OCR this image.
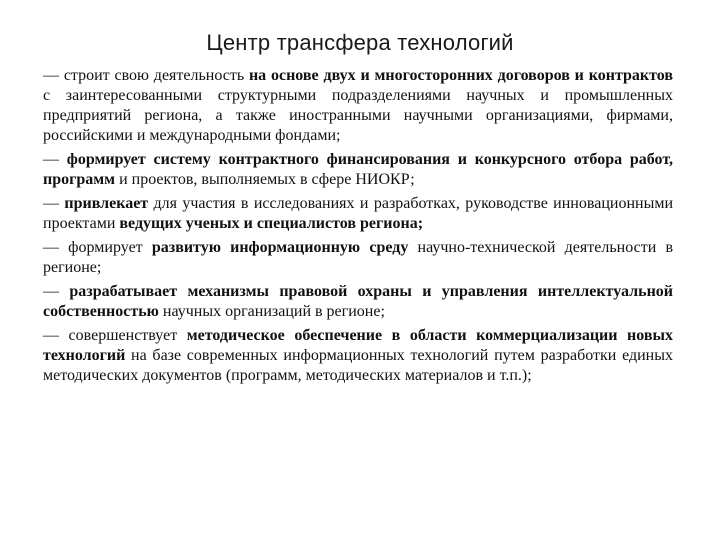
Центр трансфера технологий
— строит свою деятельность на основе двух и многосторонних договоров и контрактов с заинтересованными структурными подразделениями научных и промышленных предприятий региона, а также иностранными научными организациями, фирмами, российскими и международными фондами;
— формирует систему контрактного финансирования и конкурсного отбора работ, программ и проектов, выполняемых в сфере НИОКР;
— привлекает для участия в исследованиях и разработках, руководстве инновационными проектами ведущих ученых и специалистов региона;
— формирует развитую информационную среду научно-технической деятельности в регионе;
— разрабатывает механизмы правовой охраны и управления интеллектуальной собственностью научных организаций в регионе;
— совершенствует методическое обеспечение в области коммерциализации новых технологий на базе современных информационных технологий путем разработки единых методических документов (программ, методических материалов и т.п.);
